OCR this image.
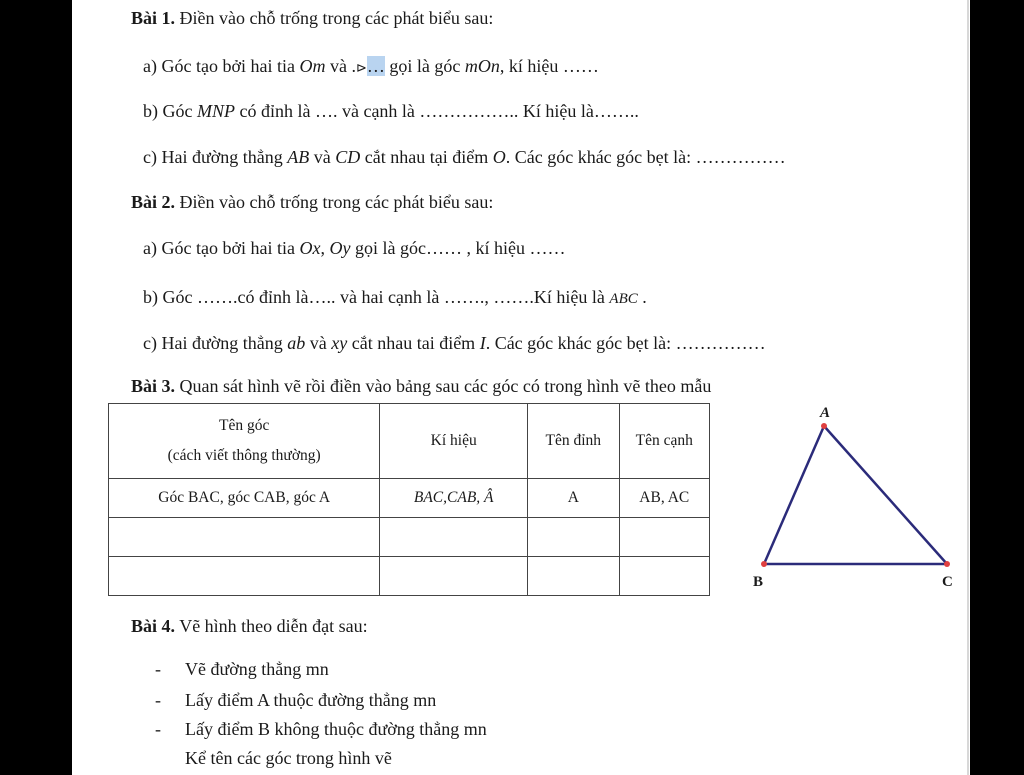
Bài 1. Điền vào chỗ trống trong các phát biểu sau:
a) Góc tạo bởi hai tia Om và .⊳… gọi là góc mOn, kí hiệu ……
b) Góc MNP có đỉnh là …. và cạnh là …………….. Kí hiệu là……..
c) Hai đường thẳng AB và CD cắt nhau tại điểm O. Các góc khác góc bẹt là: ……………
Bài 2. Điền vào chỗ trống trong các phát biểu sau:
a) Góc tạo bởi hai tia Ox, Oy gọi là góc…… , kí hiệu ……
b) Góc …….có đỉnh là….. và hai cạnh là ……., …….Kí hiệu là ABC .
c) Hai đường thẳng ab và xy cắt nhau tai điểm I. Các góc khác góc bẹt là: ……………
Bài 3. Quan sát hình vẽ rồi điền vào bảng sau các góc có trong hình vẽ theo mẫu
Tên góc
(cách viết thông thường)	Kí hiệu	Tên đỉnh	Tên cạnh
Góc BAC, góc CAB, góc A	BAC,CAB, Â	A	AB, AC

A
B	C
Bài 4. Vẽ hình theo diễn đạt sau:
- Vẽ đường thẳng mn
- Lấy điểm A thuộc đường thẳng mn
- Lấy điểm B không thuộc đường thẳng mn
Kể tên các góc trong hình vẽ
